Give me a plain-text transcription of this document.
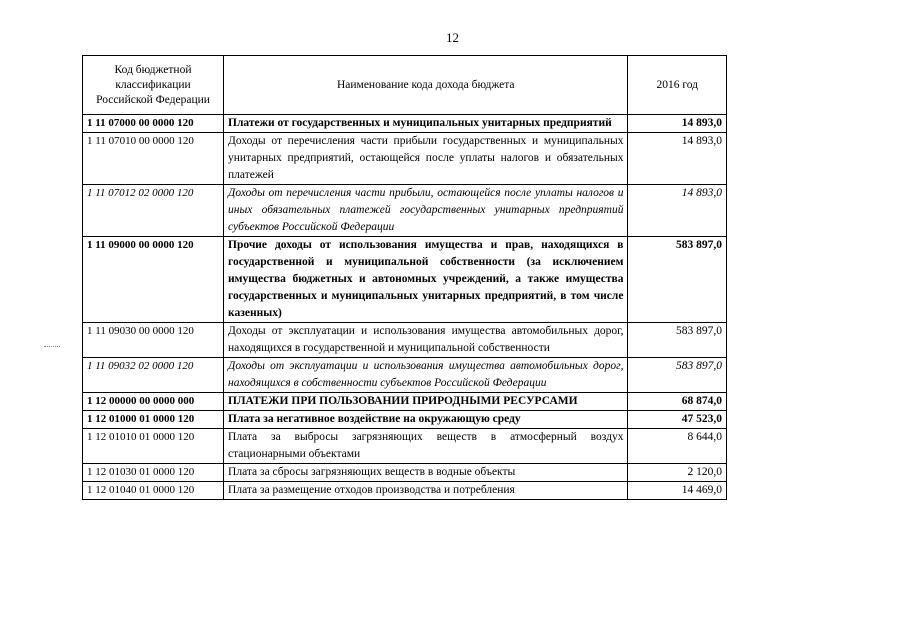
12
Код бюджетной классификации Российской Федерации	Наименование кода дохода бюджета	2016 год
1 11 07000 00 0000 120	Платежи от государственных и муниципальных унитарных предприятий	14 893,0
1 11 07010 00 0000 120	Доходы от перечисления части прибыли государственных и муниципальных унитарных предприятий, остающейся после уплаты налогов и обязательных платежей	14 893,0
1 11 07012 02 0000 120	Доходы от перечисления части прибыли, остающейся после уплаты налогов и иных обязательных платежей государственных унитарных предприятий субъектов Российской Федерации	14 893,0
1 11 09000 00 0000 120	Прочие доходы от использования имущества и прав, находящихся в государственной и муниципальной собственности (за исключением имущества бюджетных и автономных учреждений, а также имущества государственных и муниципальных унитарных предприятий, в том числе казенных)	583 897,0
1 11 09030 00 0000 120	Доходы от эксплуатации и использования имущества автомобильных дорог, находящихся в государственной и муниципальной собственности	583 897,0
1 11 09032 02 0000 120	Доходы от эксплуатации и использования имущества автомобильных дорог, находящихся в собственности субъектов Российской Федерации	583 897,0
1 12 00000 00 0000 000	ПЛАТЕЖИ ПРИ ПОЛЬЗОВАНИИ ПРИРОДНЫМИ РЕСУРСАМИ	68 874,0
1 12 01000 01 0000 120	Плата за негативное воздействие на окружающую среду	47 523,0
1 12 01010 01 0000 120	Плата за выбросы загрязняющих веществ в атмосферный воздух стационарными объектами	8 644,0
1 12 01030 01 0000 120	Плата за сбросы загрязняющих веществ в водные объекты	2 120,0
1 12 01040 01 0000 120	Плата за размещение отходов производства и потребления	14 469,0
